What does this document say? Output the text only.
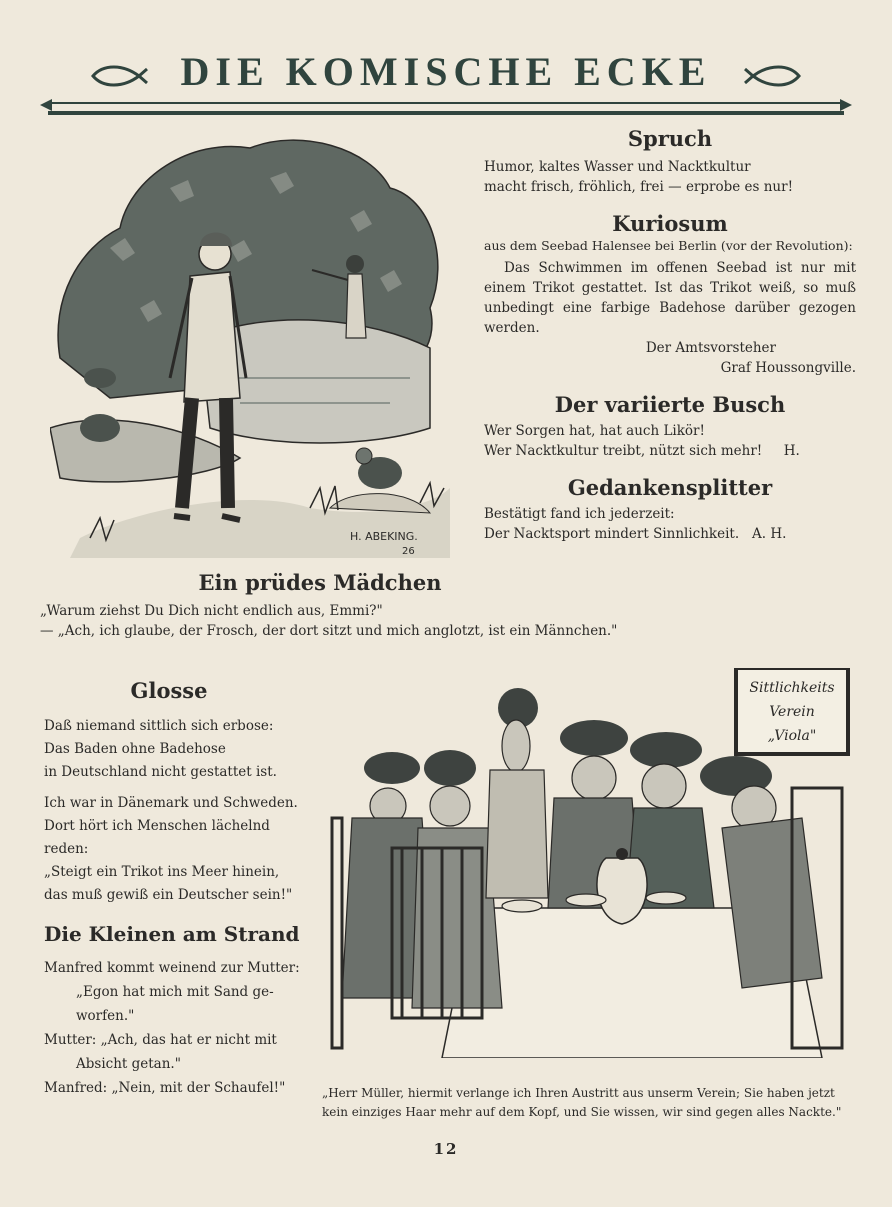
DIE KOMISCHE ECKE
H. ABEKING.
26
Spruch

Humor, kaltes Wasser und Nacktkultur

macht frisch, fröhlich, frei — erprobe es nur!

Kuriosum

aus dem Seebad Halensee bei Berlin (vor der Revolution):

Das Schwimmen im offenen Seebad ist nur mit einem Trikot gestattet. Ist das Trikot weiß, so muß unbedingt eine farbige Badehose darüber gezogen werden.

Der Amtsvorsteher

Graf Houssongville.

Der variierte Busch

Wer Sorgen hat, hat auch Likör!

Wer Nacktkultur treibt, nützt sich mehr! H.

Gedankensplitter

Bestätigt fand ich jederzeit:

Der Nacktsport mindert Sinnlichkeit. A. H.

Ein prüdes Mädchen

„Warum ziehst Du Dich nicht endlich aus, Emmi?"

— „Ach, ich glaube, der Frosch, der dort sitzt und mich anglotzt, ist ein Männchen."

Glosse

Daß niemand sittlich sich erbose:

Das Baden ohne Badehose

in Deutschland nicht gestattet ist.

Ich war in Dänemark und Schweden.

Dort hört ich Menschen lächelnd reden:

„Steigt ein Trikot ins Meer hinein,

das muß gewiß ein Deutscher sein!"

Die Kleinen am Strand

Manfred kommt weinend zur Mutter:

„Egon hat mich mit Sand ge-

worfen."

Mutter: „Ach, das hat er nicht mit

Absicht getan."

Manfred: „Nein, mit der Schaufel!"

Sittlichkeits
Verein
„Viola"

„Herr Müller, hiermit verlange ich Ihren Austritt aus unserm Verein; Sie haben jetzt kein einziges Haar mehr auf dem Kopf, und Sie wissen, wir sind gegen alles Nackte."

12
